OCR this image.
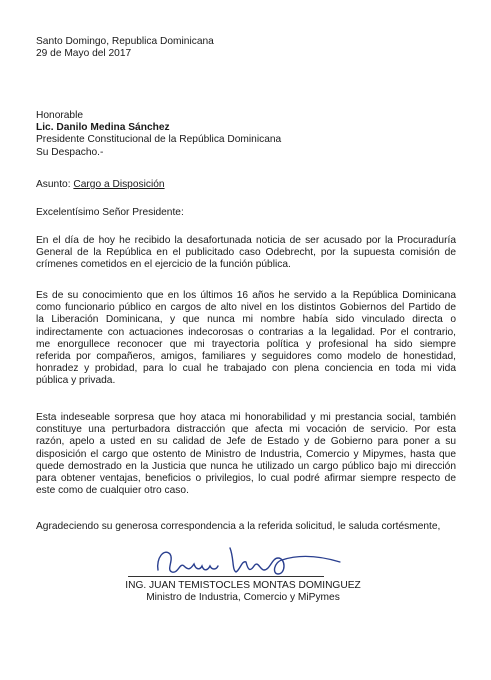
Santo Domingo, Republica Dominicana
29 de Mayo del 2017
Honorable
Lic. Danilo Medina Sánchez
Presidente Constitucional de la República Dominicana
Su Despacho.-
Asunto: Cargo a Disposición
Excelentísimo Señor Presidente:
En el día de hoy he recibido la desafortunada noticia de ser acusado por la Procuraduría
General de la República en el publicitado caso Odebrecht, por la supuesta comisión de
crímenes cometidos en el ejercicio de la función pública.
Es de su conocimiento que en los últimos 16 años he servido a la República Dominicana
como funcionario público en cargos de alto nivel en los distintos Gobiernos del Partido de
la Liberación Dominicana, y que nunca mi nombre había sido vinculado directa o
indirectamente con actuaciones indecorosas o contrarias a la legalidad. Por el contrario,
me enorgullece reconocer que mi trayectoria política y profesional ha sido siempre
referida por compañeros, amigos, familiares y seguidores como modelo de honestidad,
honradez y probidad, para lo cual he trabajado con plena conciencia en toda mi vida
pública y privada.
Esta indeseable sorpresa que hoy ataca mi honorabilidad y mi prestancia social, también
constituye una perturbadora distracción que afecta mi vocación de servicio. Por esta
razón, apelo a usted en su calidad de Jefe de Estado y de Gobierno para poner a su
disposición el cargo que ostento de Ministro de Industria, Comercio y Mipymes, hasta que
quede demostrado en la Justicia que nunca he utilizado un cargo público bajo mi dirección
para obtener ventajas, beneficios o privilegios, lo cual podré afirmar siempre respecto de
este como de cualquier otro caso.
Agradeciendo su generosa correspondencia a la referida solicitud, le saluda cortésmente,
ING. JUAN TEMISTOCLES MONTAS DOMINGUEZ
Ministro de Industria, Comercio y MiPymes
